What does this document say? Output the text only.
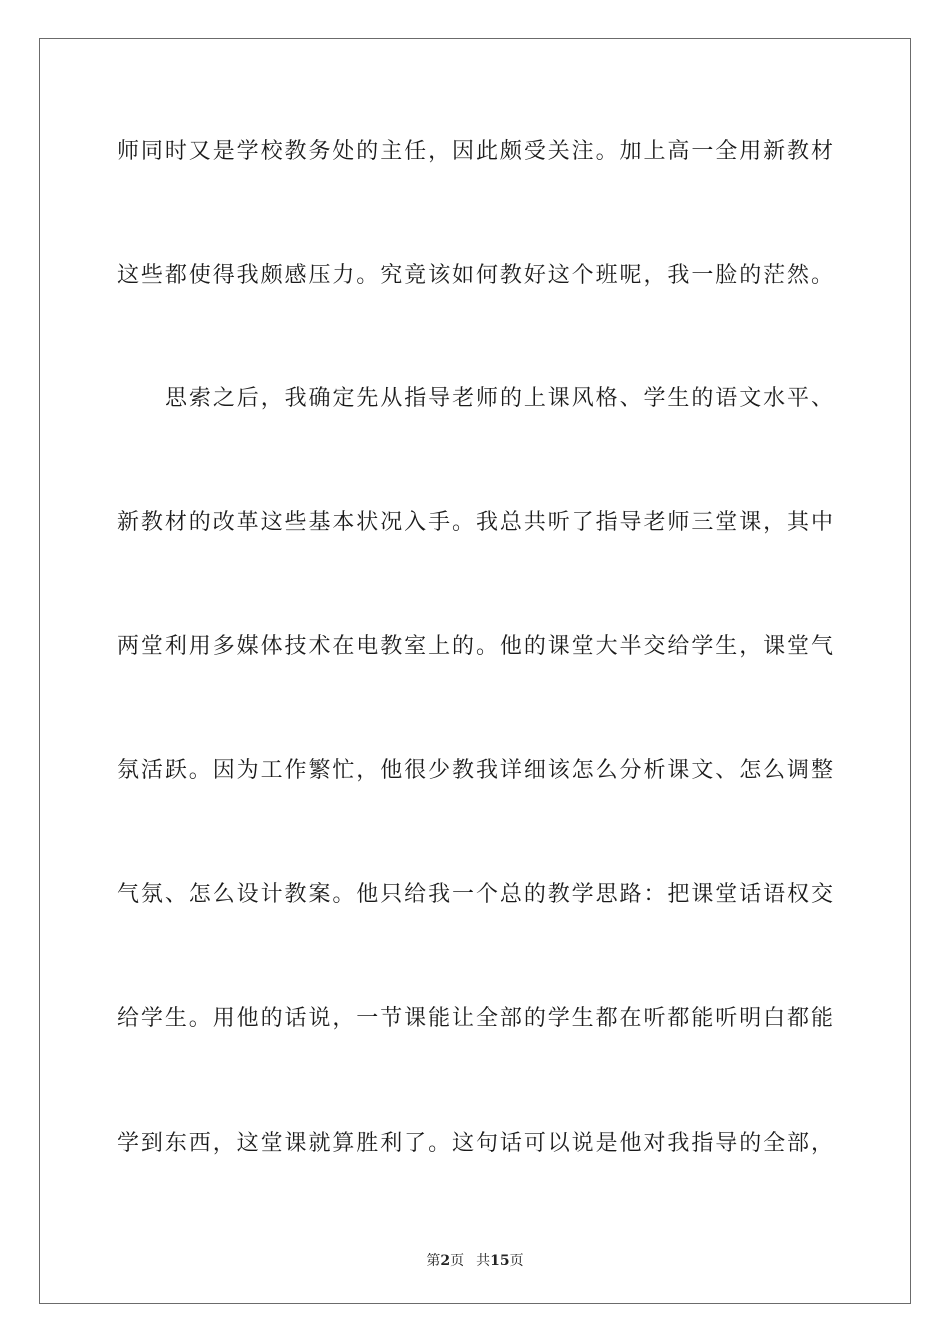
师同时又是学校教务处的主任，因此颇受关注。加上高一全用新教材
这些都使得我颇感压力。究竟该如何教好这个班呢，我一脸的茫然。
思索之后，我确定先从指导老师的上课风格、学生的语文水平、
新教材的改革这些基本状况入手。我总共听了指导老师三堂课，其中
两堂利用多媒体技术在电教室上的。他的课堂大半交给学生，课堂气
氛活跃。因为工作繁忙，他很少教我详细该怎么分析课文、怎么调整
气氛、怎么设计教案。他只给我一个总的教学思路：把课堂话语权交
给学生。用他的话说，一节课能让全部的学生都在听都能听明白都能
学到东西，这堂课就算胜利了。这句话可以说是他对我指导的全部，
第2页 共15页
